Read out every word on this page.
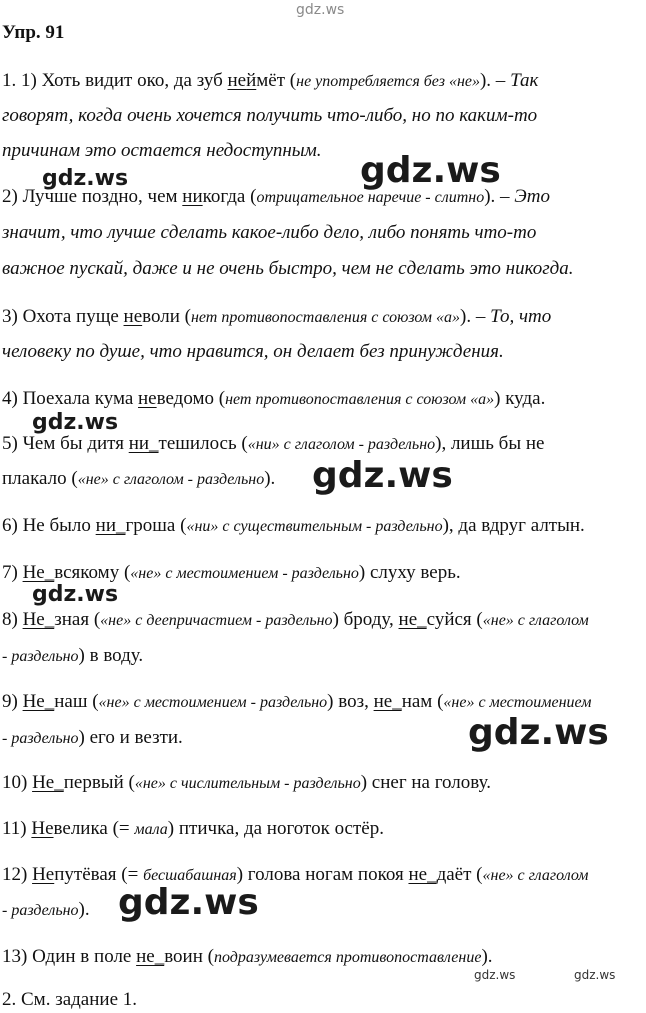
gdz.ws
gdz.ws
gdz.ws
gdz.ws
gdz.ws
gdz.ws
gdz.ws
gdz.ws
gdz.ws	gdz.ws
Упр. 91
1. 1) Хоть видит око, да зуб неймёт (не употребляется без «не»). – Так
говорят, когда очень хочется получить что-либо, но по каким-то
причинам это остается недоступным.
2) Лучше поздно, чем никогда (отрицательное наречие - слитно). – Это
значит, что лучше сделать какое-либо дело, либо понять что-то
важное пускай, даже и не очень быстро, чем не сделать это никогда.
3) Охота пуще неволи (нет противопоставления с союзом «а»). – То, что
человеку по душе, что нравится, он делает без принуждения.
4) Поехала кума неведомо (нет противопоставления с союзом «а») куда.
5) Чем бы дитя ни_тешилось («ни» с глаголом - раздельно), лишь бы не
плакало («не» с глаголом - раздельно).
6) Не было ни_гроша («ни» с существительным - раздельно), да вдруг алтын.
7) Не_всякому («не» с местоимением - раздельно) слуху верь.
8) Не_зная («не» с деепричастием - раздельно) броду, не_суйся («не» с глаголом
- раздельно) в воду.
9) Не_наш («не» с местоимением - раздельно) воз, не_нам («не» с местоимением
- раздельно) его и везти.
10) Не_первый («не» с числительным - раздельно) снег на голову.
11) Невелика (= мала) птичка, да ноготок остёр.
12) Непутёвая (= бесшабашная) голова ногам покоя не_даёт («не» с глаголом
- раздельно).
13) Один в поле не_воин (подразумевается противопоставление).
2. См. задание 1.
